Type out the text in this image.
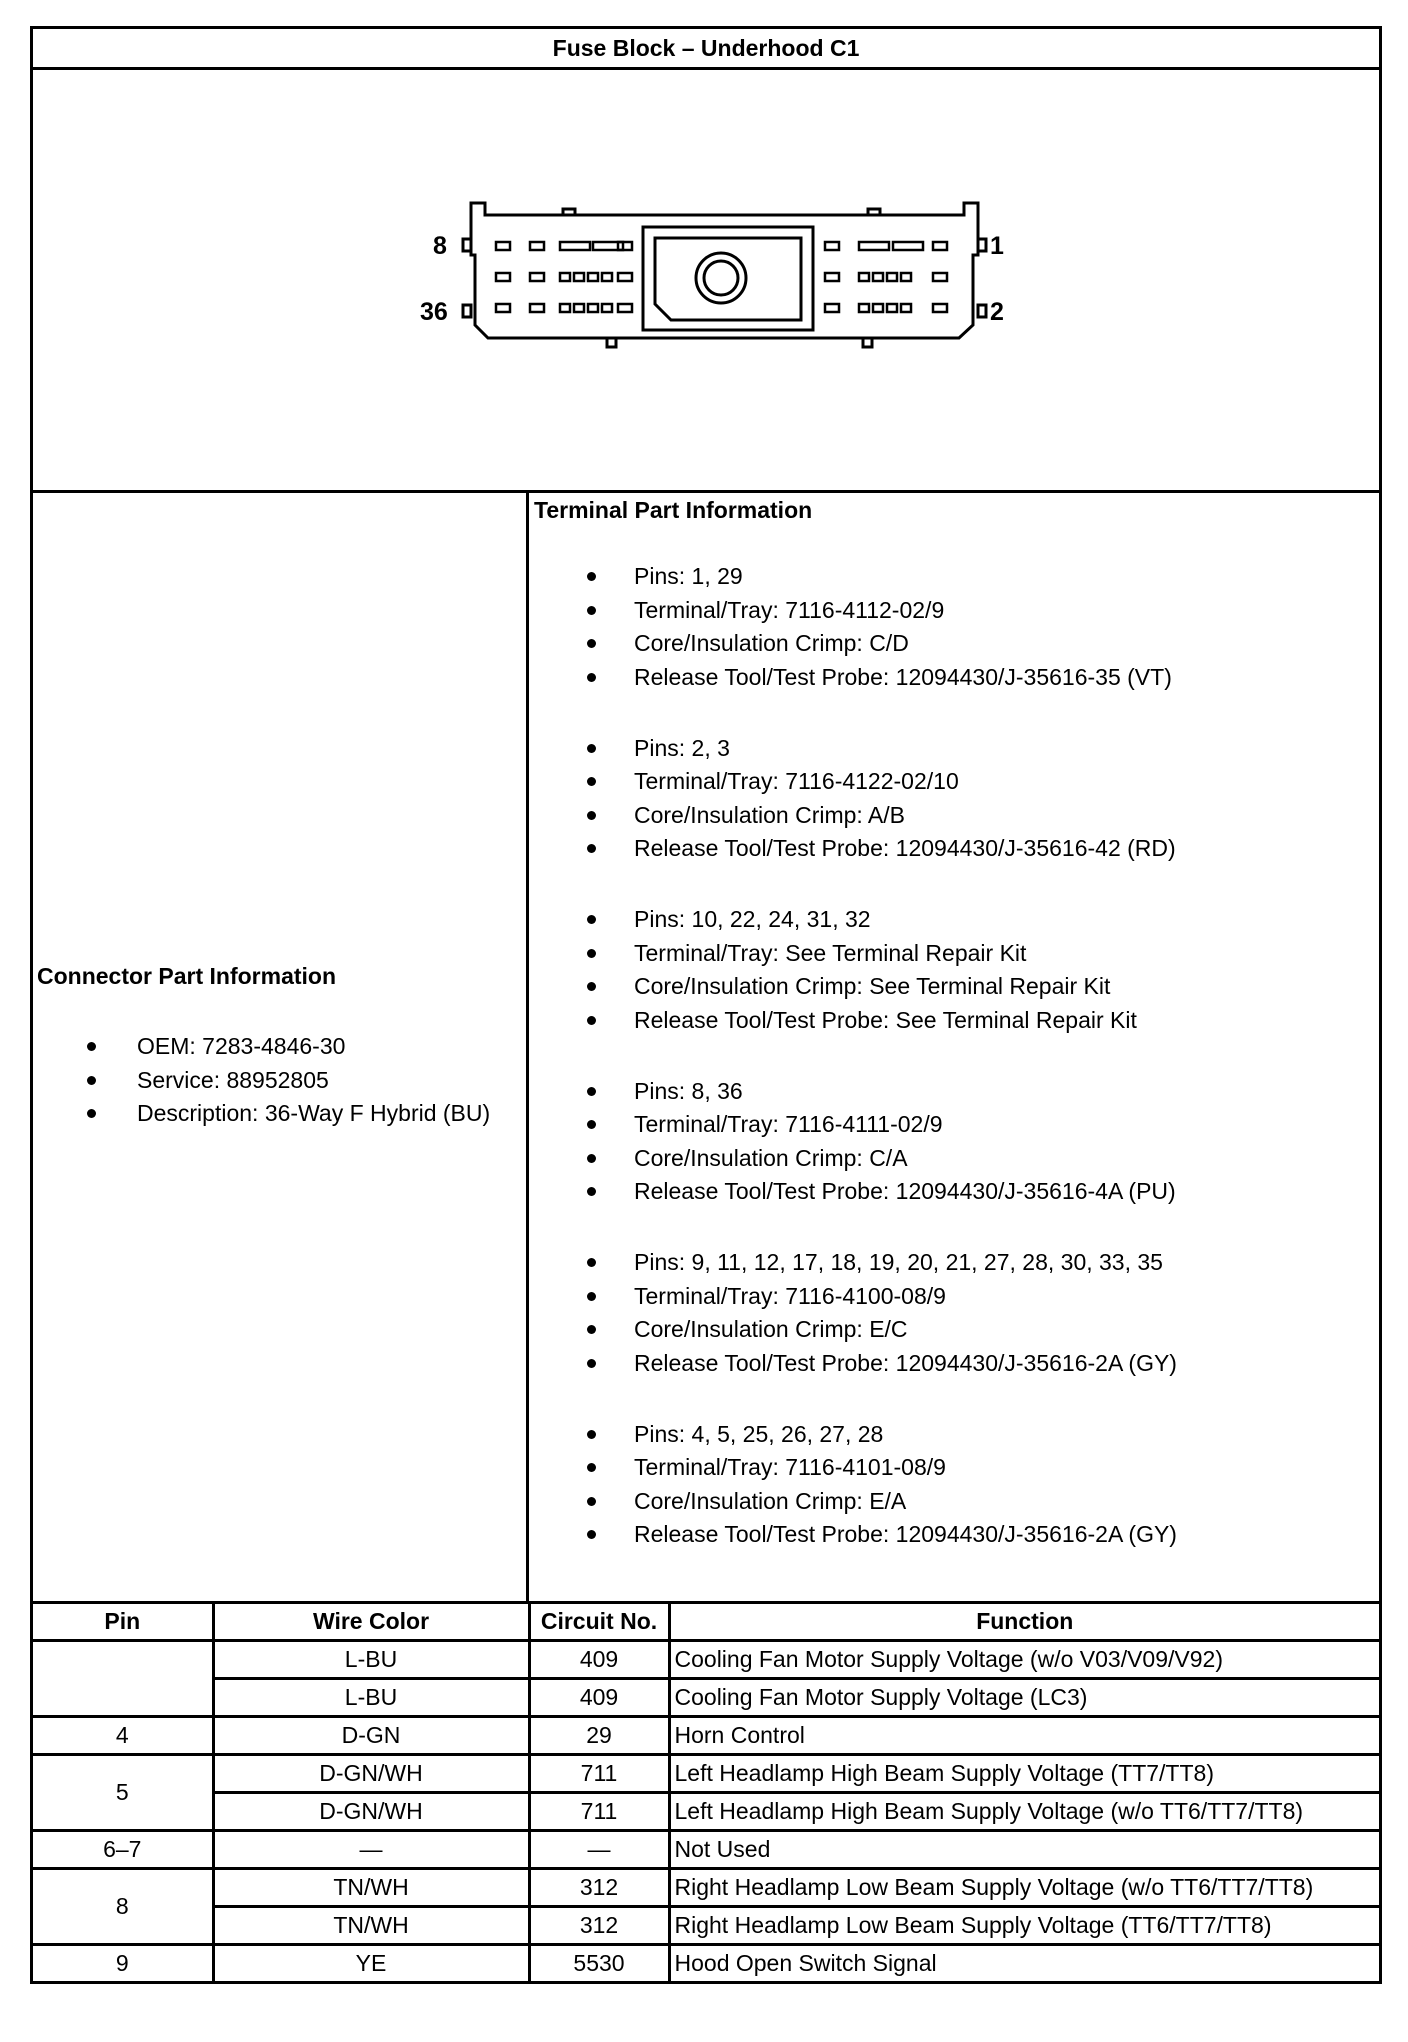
Fuse Block – Underhood C1
8
36
1
2
Connector Part Information
OEM: 7283-4846-30
Service: 88952805
Description: 36-Way F Hybrid (BU)
Terminal Part Information
Pins: 1, 29
Terminal/Tray: 7116-4112-02/9
Core/Insulation Crimp: C/D
Release Tool/Test Probe: 12094430/J-35616-35 (VT)
Pins: 2, 3
Terminal/Tray: 7116-4122-02/10
Core/Insulation Crimp: A/B
Release Tool/Test Probe: 12094430/J-35616-42 (RD)
Pins: 10, 22, 24, 31, 32
Terminal/Tray: See Terminal Repair Kit
Core/Insulation Crimp: See Terminal Repair Kit
Release Tool/Test Probe: See Terminal Repair Kit
Pins: 8, 36
Terminal/Tray: 7116-4111-02/9
Core/Insulation Crimp: C/A
Release Tool/Test Probe: 12094430/J-35616-4A (PU)
Pins: 9, 11, 12, 17, 18, 19, 20, 21, 27, 28, 30, 33, 35
Terminal/Tray: 7116-4100-08/9
Core/Insulation Crimp: E/C
Release Tool/Test Probe: 12094430/J-35616-2A (GY)
Pins: 4, 5, 25, 26, 27, 28
Terminal/Tray: 7116-4101-08/9
Core/Insulation Crimp: E/A
Release Tool/Test Probe: 12094430/J-35616-2A (GY)
Pin	Wire Color	Circuit No.	Function
	L-BU	409	Cooling Fan Motor Supply Voltage (w/o V03/V09/V92)
	L-BU	409	Cooling Fan Motor Supply Voltage (LC3)
4	D-GN	29	Horn Control
5	D-GN/WH	711	Left Headlamp High Beam Supply Voltage (TT7/TT8)
	D-GN/WH	711	Left Headlamp High Beam Supply Voltage (w/o TT6/TT7/TT8)
6–7	—	—	Not Used
8	TN/WH	312	Right Headlamp Low Beam Supply Voltage (w/o TT6/TT7/TT8)
	TN/WH	312	Right Headlamp Low Beam Supply Voltage (TT6/TT7/TT8)
9	YE	5530	Hood Open Switch Signal
